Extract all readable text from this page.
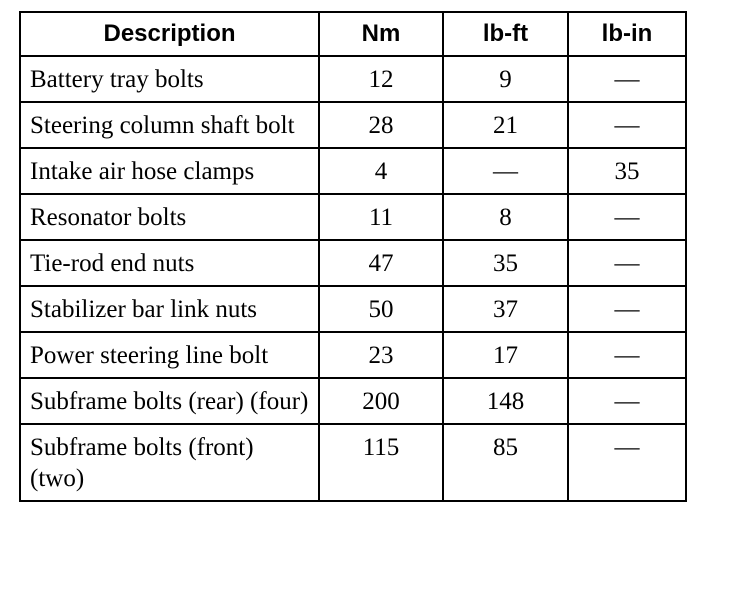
Description	Nm	lb-ft	lb-in
Battery tray bolts	12	9	—
Steering column shaft bolt	28	21	—
Intake air hose clamps	4	—	35
Resonator bolts	11	8	—
Tie-rod end nuts	47	35	—
Stabilizer bar link nuts	50	37	—
Power steering line bolt	23	17	—
Subframe bolts (rear) (four)	200	148	—
Subframe bolts (front) (two)	115	85	—
